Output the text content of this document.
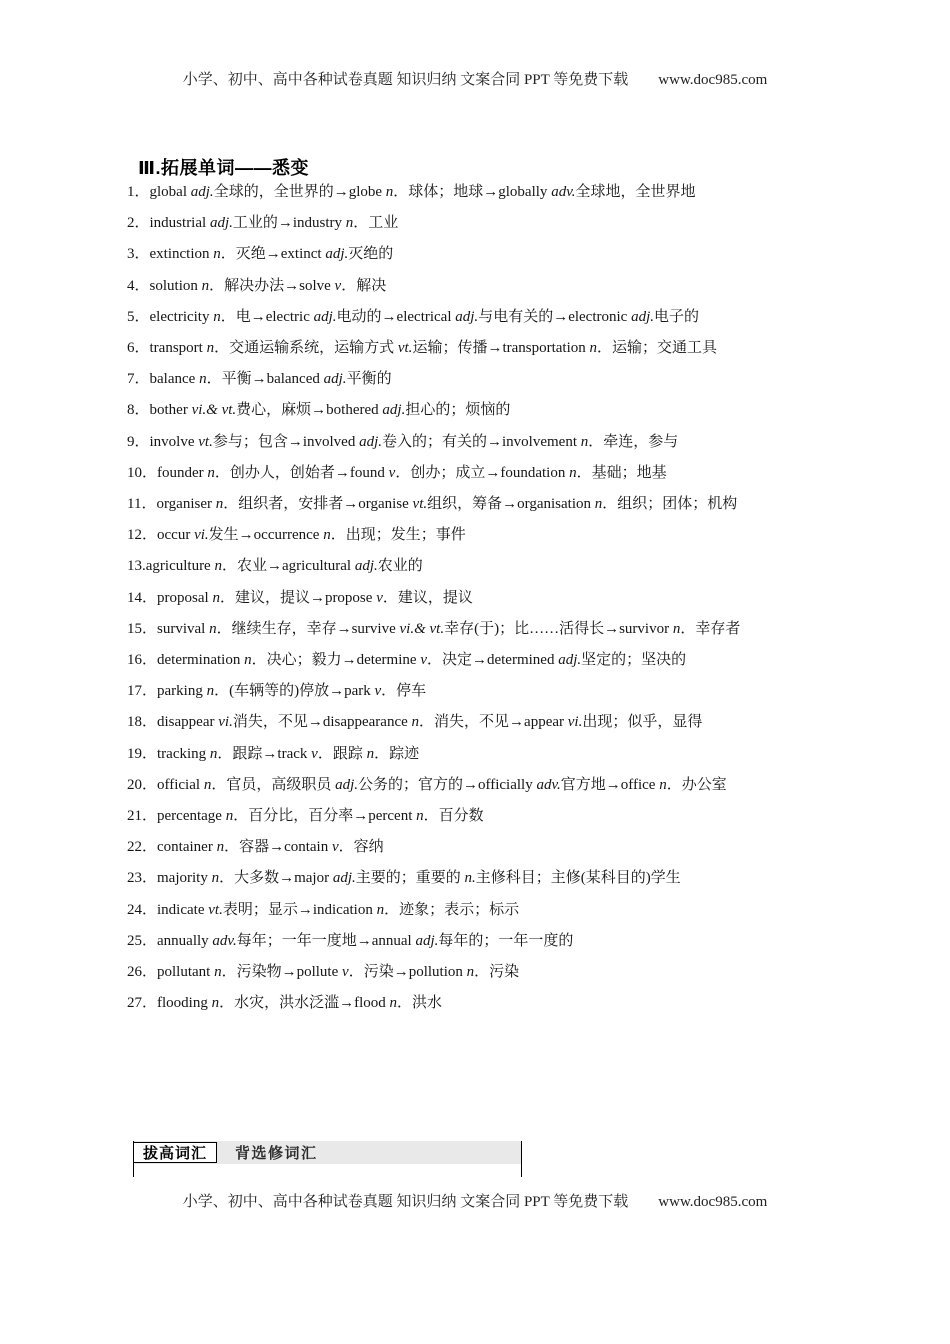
小学、初中、高中各种试卷真题 知识归纳 文案合同 PPT 等免费下载 www.doc985.com
Ⅲ.拓展单词——悉变

1．global adj.全球的，全世界的→globe n．球体；地球→globally adv.全球地，全世界地

2．industrial adj.工业的→industry n．工业

3．extinction n．灭绝→extinct adj.灭绝的

4．solution n．解决办法→solve v．解决

5．electricity n．电→electric adj.电动的→electrical adj.与电有关的→electronic adj.电子的

6．transport n．交通运输系统，运输方式 vt.运输；传播→transportation n．运输；交通工具

7．balance n．平衡→balanced adj.平衡的

8．bother vi.& vt.费心，麻烦→bothered adj.担心的；烦恼的

9．involve vt.参与；包含→involved adj.卷入的；有关的→involvement n．牵连，参与

10．founder n．创办人，创始者→found v．创办；成立→foundation n．基础；地基

11．organiser n．组织者，安排者→organise vt.组织，筹备→organisation n．组织；团体；机构

12．occur vi.发生→occurrence n．出现；发生；事件

13.agriculture n．农业→agricultural adj.农业的

14．proposal n．建议，提议→propose v．建议，提议

15．survival n．继续生存，幸存→survive vi.& vt.幸存(于)；比……活得长→survivor n．幸存者

16．determination n．决心；毅力→determine v．决定→determined adj.坚定的；坚决的

17．parking n．(车辆等的)停放→park v．停车

18．disappear vi.消失，不见→disappearance n．消失，不见→appear vi.出现；似乎，显得

19．tracking n．跟踪→track v．跟踪 n．踪迹

20．official n．官员，高级职员 adj.公务的；官方的→officially adv.官方地→office n．办公室

21．percentage n．百分比，百分率→percent n．百分数

22．container n．容器→contain v．容纳

23．majority n．大多数→major adj.主要的；重要的 n.主修科目；主修(某科目的)学生

24．indicate vt.表明；显示→indication n．迹象；表示；标示

25．annually adv.每年；一年一度地→annual adj.每年的；一年一度的

26．pollutant n．污染物→pollute v．污染→pollution n．污染

27．flooding n．水灾，洪水泛滥→flood n．洪水

拔高词汇	背选修词汇
小学、初中、高中各种试卷真题 知识归纳 文案合同 PPT 等免费下载 www.doc985.com
